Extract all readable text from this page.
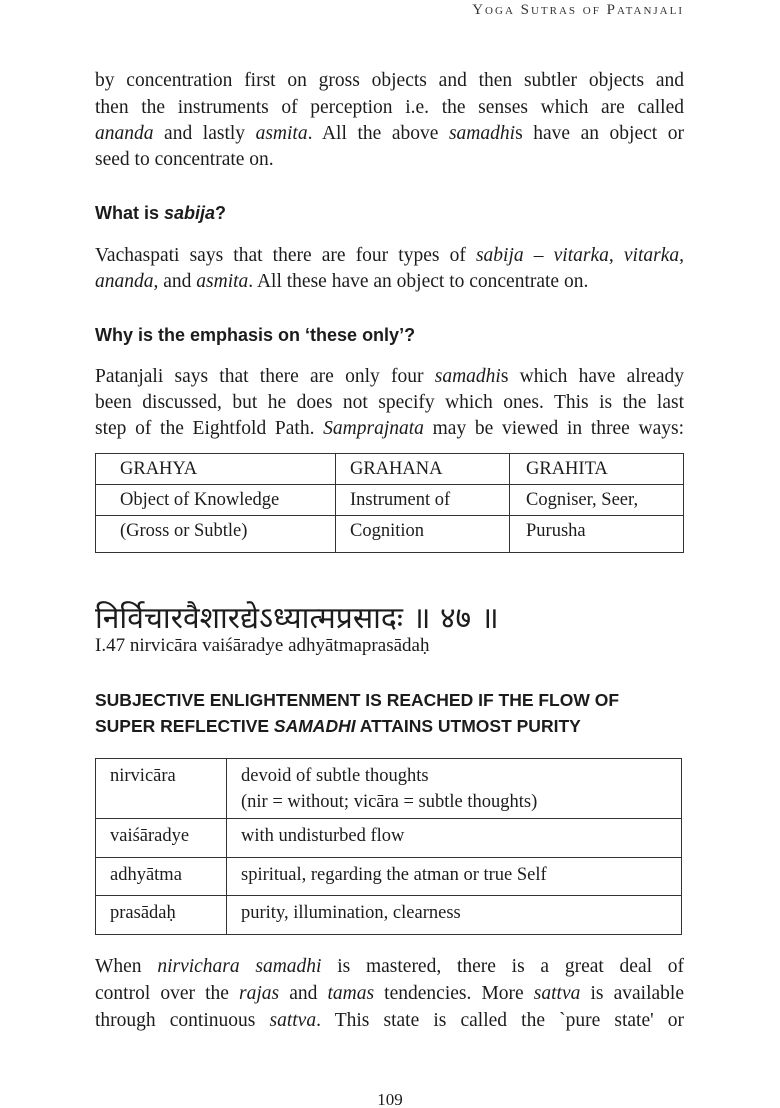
Yoga Sutras of Patanjali
by concentration first on gross objects and then subtler objects and
then the instruments of perception i.e. the senses which are called
ananda and lastly asmita. All the above samadhis have an object or
seed to concentrate on.
What is sabija?
Vachaspati says that there are four types of sabija – vitarka, vitarka,
ananda, and asmita. All these have an object to concentrate on.
Why is the emphasis on ‘these only’?
Patanjali says that there are only four samadhis which have already
been discussed, but he does not specify which ones. This is the last
step of the Eightfold Path. Samprajnata may be viewed in three ways:
GRAHYA	GRAHANA	GRAHITA
Object of Knowledge	Instrument of	Cogniser, Seer,
(Gross or Subtle)	Cognition	Purusha
निर्विचारवैशारद्येऽध्यात्मप्रसादः ॥ ४७ ॥
I.47 nirvicāra vaiśāradye adhyātmaprasādaḥ
SUBJECTIVE ENLIGHTENMENT IS REACHED IF THE FLOW OF
SUPER REFLECTIVE SAMADHI ATTAINS UTMOST PURITY
nirvicāra	devoid of subtle thoughts
(nir = without; vicāra = subtle thoughts)

vaiśāradye	with undisturbed flow
adhyātma	spiritual, regarding the atman or true Self
prasādaḥ	purity, illumination, clearness
When nirvichara samadhi is mastered, there is a great deal of
control over the rajas and tamas tendencies. More sattva is available
through continuous sattva. This state is called the `pure state' or
109
